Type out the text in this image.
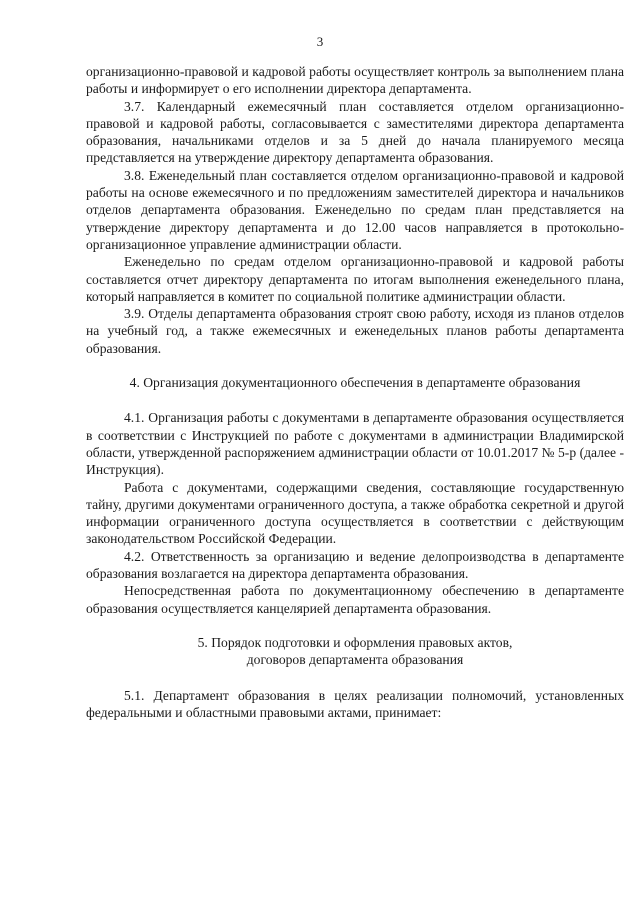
3

организационно-правовой и кадровой работы осуществляет контроль за выполнением плана работы и информирует о его исполнении директора департамента.

3.7. Календарный ежемесячный план составляется отделом организационно-правовой и кадровой работы, согласовывается с заместителями директора департамента образования, начальниками отделов и за 5 дней до начала планируемого месяца представляется на утверждение директору департамента образования.

3.8. Еженедельный план составляется отделом организационно-правовой и кадровой работы на основе ежемесячного и по предложениям заместителей директора и начальников отделов департамента образования. Еженедельно по средам план представляется на утверждение директору департамента и до 12.00 часов направляется в протокольно-организационное управление администрации области.

Еженедельно по средам отделом организационно-правовой и кадровой работы составляется отчет директору департамента по итогам выполнения еженедельного плана, который направляется в комитет по социальной политике администрации области.

3.9. Отделы департамента образования строят свою работу, исходя из планов отделов на учебный год, а также ежемесячных и еженедельных планов работы департамента образования.

4. Организация документационного обеспечения в департаменте образования

4.1. Организация работы с документами в департаменте образования осуществляется в соответствии с Инструкцией по работе с документами в администрации Владимирской области, утвержденной распоряжением администрации области от 10.01.2017 № 5-р (далее - Инструкция).

Работа с документами, содержащими сведения, составляющие государственную тайну, другими документами ограниченного доступа, а также обработка секретной и другой информации ограниченного доступа осуществляется в соответствии с действующим законодательством Российской Федерации.

4.2. Ответственность за организацию и ведение делопроизводства в департаменте образования возлагается на директора департамента образования.

Непосредственная работа по документационному обеспечению в департаменте образования осуществляется канцелярией департамента образования.

5. Порядок подготовки и оформления правовых актов,

договоров департамента образования

5.1. Департамент образования в целях реализации полномочий, установленных федеральными и областными правовыми актами, принимает:
